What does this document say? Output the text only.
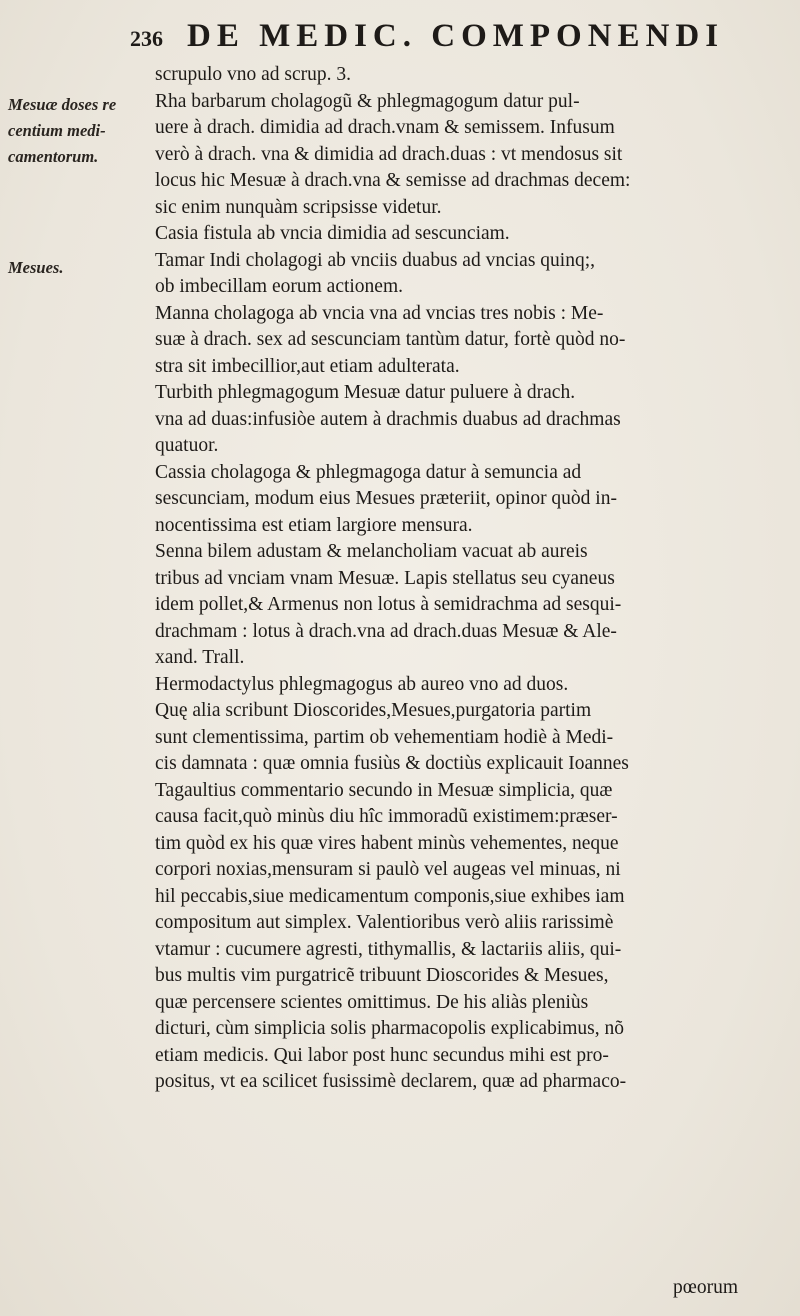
236 DE MEDIC. COMPONENDI
Mesuæ doses re
centium medi-
camentorum.
Mesues.
scrupulo vno ad scrup. 3.
Rha barbarum cholagogũ & phlegmagogum datur pul-
uere à drach. dimidia ad drach.vnam & semissem. Infusum
verò à drach. vna & dimidia ad drach.duas : vt mendosus sit
locus hic Mesuæ à drach.vna & semisse ad drachmas decem:
sic enim nunquàm scripsisse videtur.
Casia fistula ab vncia dimidia ad sescunciam.
Tamar Indi cholagogi ab vnciis duabus ad vncias quinq;,
ob imbecillam eorum actionem.
Manna cholagoga ab vncia vna ad vncias tres nobis : Me-
suæ à drach. sex ad sescunciam tantùm datur, fortè quòd no-
stra sit imbecillior,aut etiam adulterata.
Turbith phlegmagogum Mesuæ datur puluere à drach.
vna ad duas:infusiòe autem à drachmis duabus ad drachmas
quatuor.
Cassia cholagoga & phlegmagoga datur à semuncia ad
sescunciam, modum eius Mesues præteriit, opinor quòd in-
nocentissima est etiam largiore mensura.
Senna bilem adustam & melancholiam vacuat ab aureis
tribus ad vnciam vnam Mesuæ. Lapis stellatus seu cyaneus
idem pollet,& Armenus non lotus à semidrachma ad sesqui-
drachmam : lotus à drach.vna ad drach.duas Mesuæ & Ale-
xand. Trall.
Hermodactylus phlegmagogus ab aureo vno ad duos.
Quę alia scribunt Dioscorides,Mesues,purgatoria partim
sunt clementissima, partim ob vehementiam hodiè à Medi-
cis damnata : quæ omnia fusiùs & doctiùs explicauit Ioannes
Tagaultius commentario secundo in Mesuæ simplicia, quæ
causa facit,quò minùs diu hîc immoradũ existimem:præser-
tim quòd ex his quæ vires habent minùs vehementes, neque
corpori noxias,mensuram si paulò vel augeas vel minuas, ni
hil peccabis,siue medicamentum componis,siue exhibes iam
compositum aut simplex. Valentioribus verò aliis rarissimè
vtamur : cucumere agresti, tithymallis, & lactariis aliis, qui-
bus multis vim purgatricẽ tribuunt Dioscorides & Mesues,
quæ percensere scientes omittimus. De his aliàs pleniùs
dicturi, cùm simplicia solis pharmacopolis explicabimus, nõ
etiam medicis. Qui labor post hunc secundus mihi est pro-
positus, vt ea scilicet fusissimè declarem, quæ ad pharmaco-
pœorum
